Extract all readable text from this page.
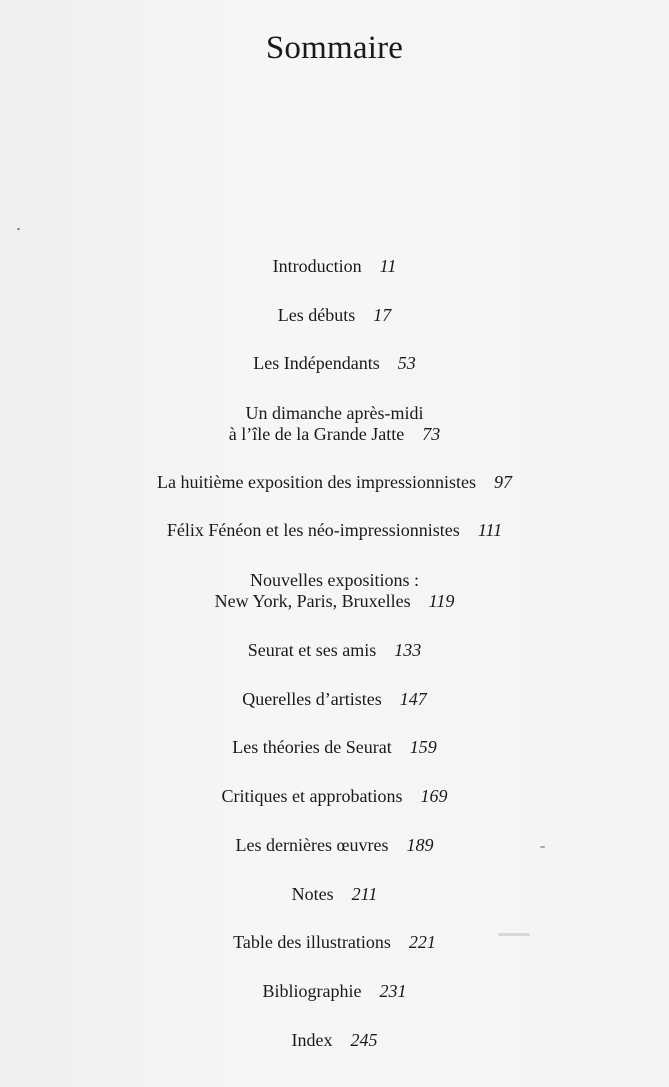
Sommaire
Introduction 11
Les débuts 17
Les Indépendants 53
Un dimanche après-midi
à l’île de la Grande Jatte 73
La huitième exposition des impressionnistes 97
Félix Fénéon et les néo-impressionnistes 111
Nouvelles expositions :
New York, Paris, Bruxelles 119
Seurat et ses amis 133
Querelles d’artistes 147
Les théories de Seurat 159
Critiques et approbations 169
Les dernières œuvres 189
Notes 211
Table des illustrations 221
Bibliographie 231
Index 245
